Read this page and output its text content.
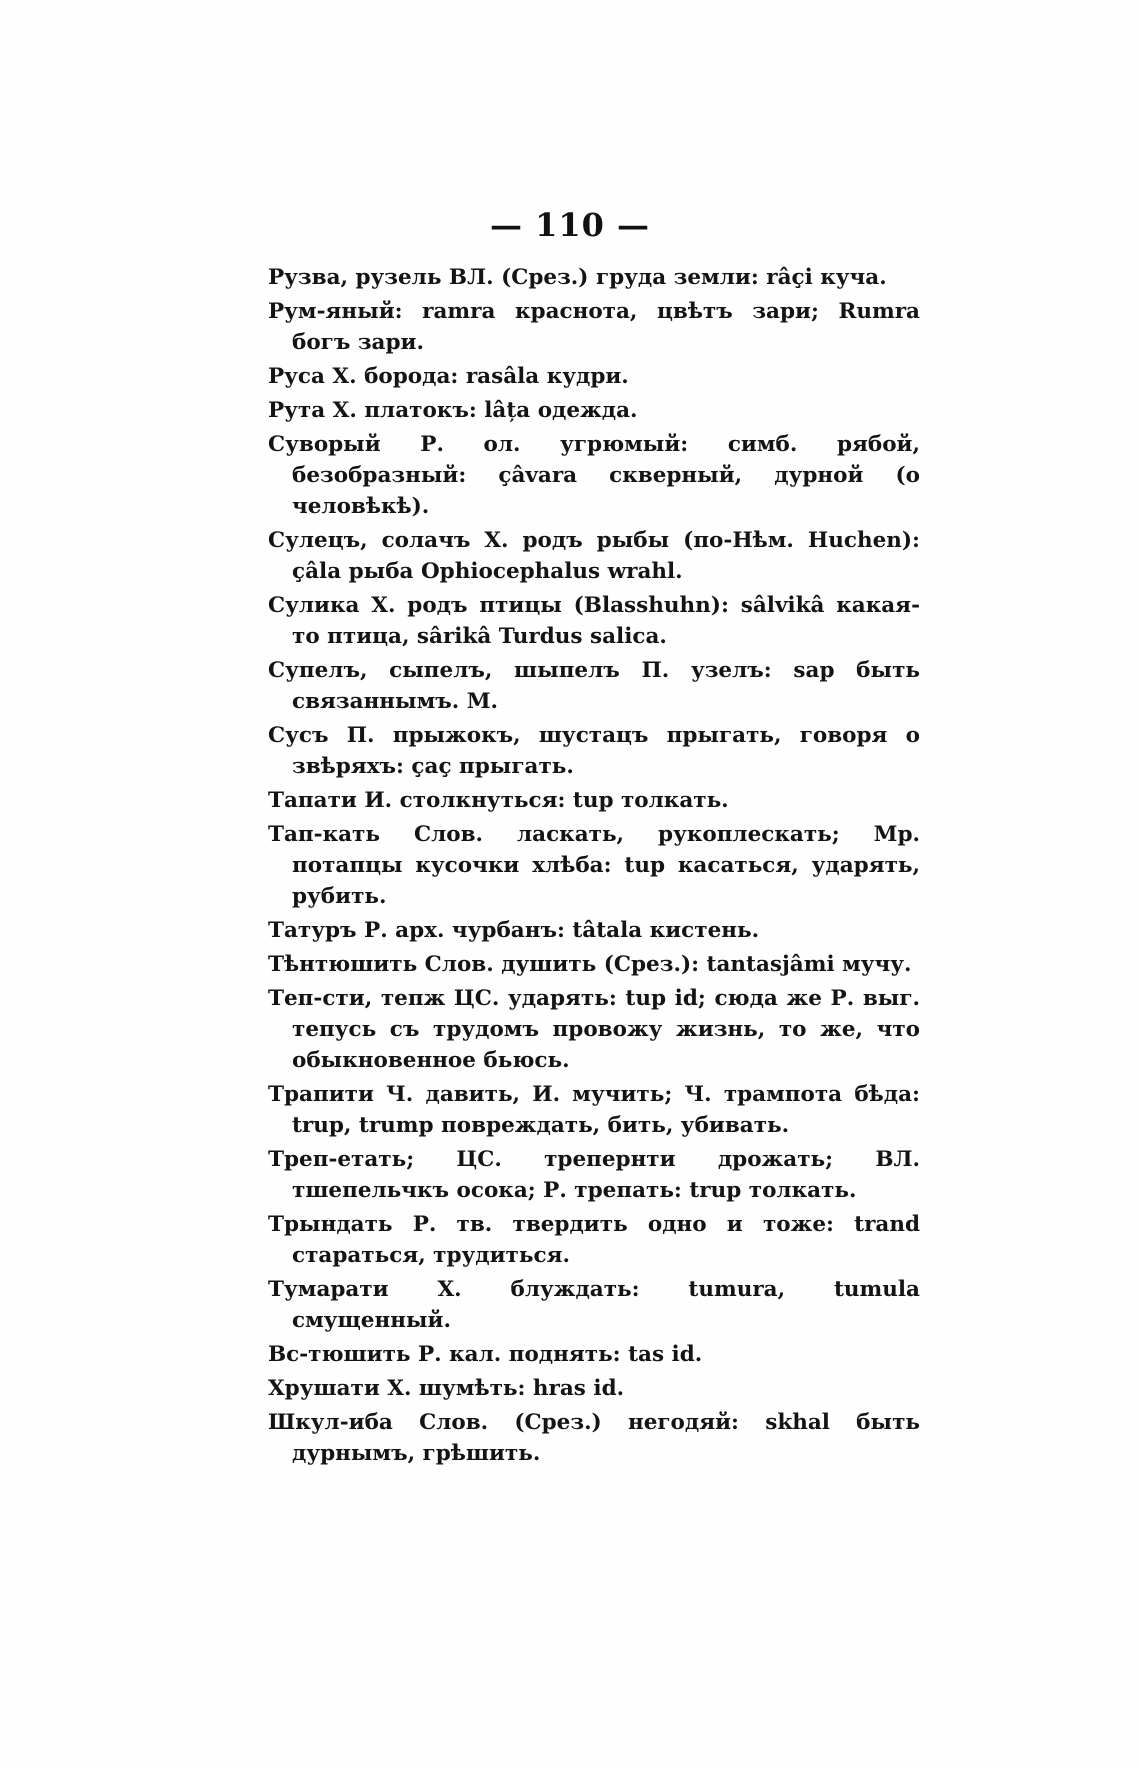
— 110 —

Рузва, рузель ВЛ. (Срез.) груда земли: râçi куча.

Рум-яный: ramra краснота, цвѣтъ зари; Rumra богъ зари.

Руса Х. борода: rasâla кудри.

Рута Х. платокъ: lâța одежда.

Суворый Р. ол. угрюмый: симб. рябой, безобразный: çâvara скверный, дурной (о человѣкѣ).

Сулецъ, солачъ Х. родъ рыбы (по-Нѣм. Huchen): çâla рыба Ophiocephalus wrahl.

Сулика Х. родъ птицы (Blasshuhn): sâlvikâ какая-то птица, sârikâ Turdus salica.

Супелъ, сыпелъ, шыпелъ П. узелъ: sap быть связаннымъ. М.

Сусъ П. прыжокъ, шустацъ прыгать, говоря о звѣряхъ: çaç прыгать.

Тапати И. столкнуться: tup толкать.

Тап-кать Слов. ласкать, рукоплескать; Мр. потапцы кусочки хлѣба: tup касаться, ударять, рубить.

Татуръ Р. арх. чурбанъ: tâtala кистень.

Тѣнтюшить Слов. душить (Срез.): tantasjâmi мучу.

Теп-сти, тепж ЦС. ударять: tup id; сюда же Р. выг. тепусь съ трудомъ провожу жизнь, то же, что обыкновенное бьюсь.

Трапити Ч. давить, И. мучить; Ч. трампота бѣда: trup, trump повреждать, бить, убивать.

Треп-етать; ЦС. трепернти дрожать; ВЛ. тшепельчкъ осока; Р. трепать: trup толкать.

Трындать Р. тв. твердить одно и тоже: trand стараться, трудиться.

Тумарати Х. блуждать: tumura, tumula смущенный.

Вс-тюшить Р. кал. поднять: tas id.

Хрушати Х. шумѣть: hras id.

Шкул-иба Слов. (Срез.) негодяй: skhal быть дурнымъ, грѣшить.
